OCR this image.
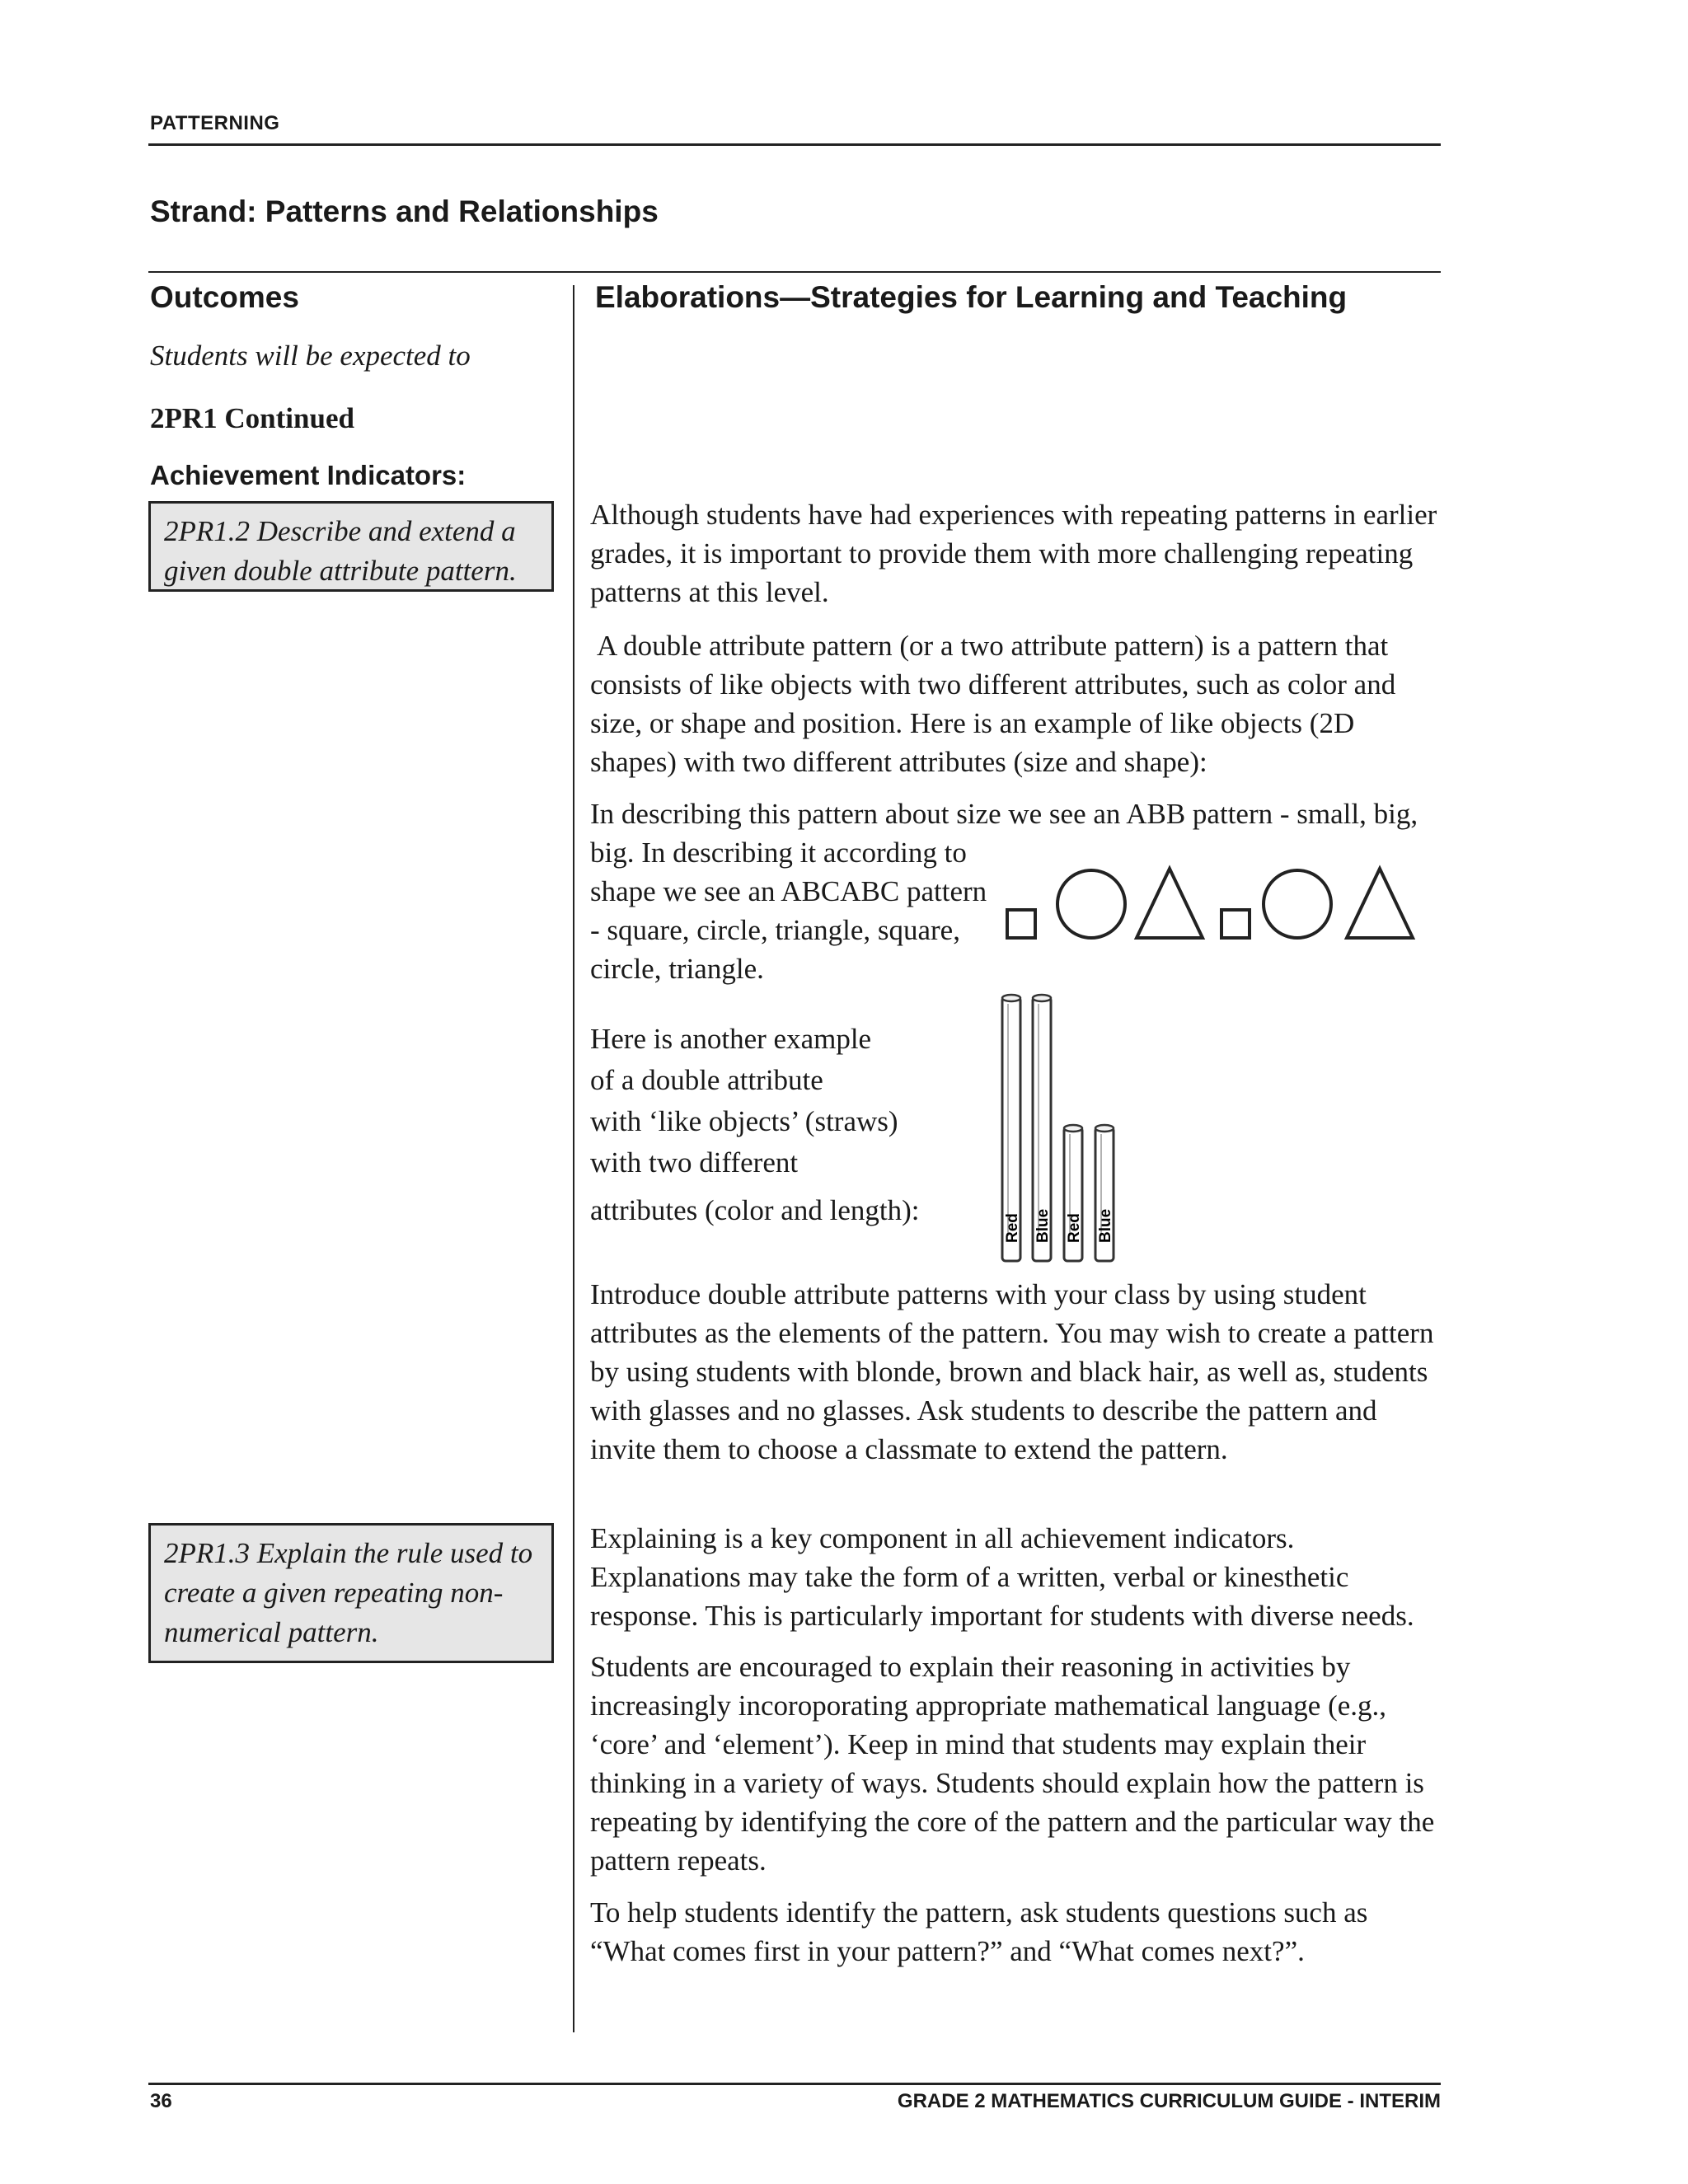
PATTERNING
Strand: Patterns and Relationships
Outcomes
Students will be expected to
2PR1 Continued
Achievement Indicators:
2PR1.2 Describe and extend a given double attribute pattern.
2PR1.3 Explain the rule used to create a given repeating non-numerical pattern.
Elaborations—Strategies for Learning and Teaching
Although students have had experiences with repeating patterns in earlier grades, it is important to provide them with more challenging repeating patterns at this level.
A double attribute pattern (or a two attribute pattern) is a pattern that consists of like objects with two different attributes, such as color and size, or shape and position. Here is an example of like objects (2D shapes) with two different attributes (size and shape):
In describing this pattern about size we see an ABB pattern - small, big,
big. In describing it according to
shape we see an ABCABC pattern
- square, circle, triangle, square,
circle, triangle.
Here is another example
of a double attribute
with ‘like objects’ (straws)
with two different
attributes (color and length):
Red Blue Red Blue
Introduce double attribute patterns with your class by using student attributes as the elements of the pattern. You may wish to create a pattern by using students with blonde, brown and black hair, as well as, students with glasses and no glasses. Ask students to describe the pattern and invite them to choose a classmate to extend the pattern.
Explaining is a key component in all achievement indicators. Explanations may take the form of a written, verbal or kinesthetic response. This is particularly important for students with diverse needs.
Students are encouraged to explain their reasoning in activities by increasingly incoroporating appropriate mathematical language (e.g., ‘core’ and ‘element’). Keep in mind that students may explain their thinking in a variety of ways. Students should explain how the pattern is repeating by identifying the core of the pattern and the particular way the pattern repeats.
To help students identify the pattern, ask students questions such as “What comes first in your pattern?” and “What comes next?”.
36	GRADE 2 MATHEMATICS CURRICULUM GUIDE - INTERIM
